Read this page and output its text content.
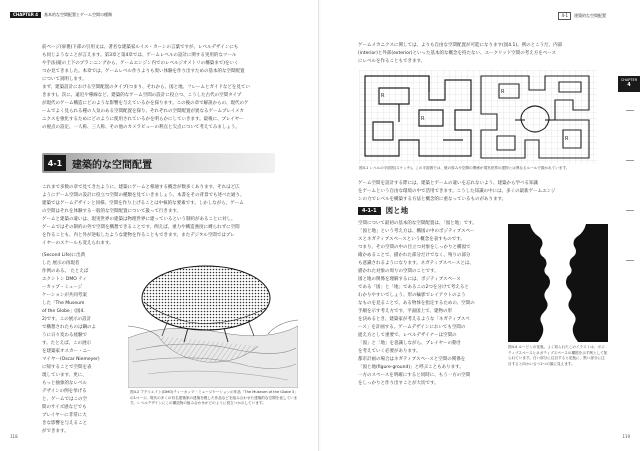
CHAPTER 4	基本的な空間配置とゲーム空間の種類
前ページ(扉裏)下部の引用文は、著名な建築家ルイス・カーンの言葉ですが、レベルデザインにも
も同じようなことが言えます。第3章と第4章では、ゲームレベルの設計に関する実用的なツール
や手法(縦の上下のプランニングから、ゲームエンジン内でのレベルジオメトリの構築まで)をいく
つか見てきました。本章では、ゲームレベル作りよりも奥い体験を作り出すための基本的な空間配置
について説明します。
まず、建築設計における空間配置のタイプ(つまり、それから、図と地、フレームとガイドなどを見てい
きます)。次に、遠近や導線など、建築的なゲーム空間の設計に役立つ、こうした古代の空間タイプ
が現代のゲーム構造にどのような影響を与えているかを探ります。この後の章で解説からの、現代のゲ
ームでよく見られる種の人気のある空間配置を探り、それぞれの空間配置が異なるゲームプレイメカ
ニクスを強化するためにどのように使用されているかを明らかにしていきます。最後に、プレイヤー
の視点の設定、一人称、三人称、その他のカメラビューの利点と欠点について考えてみましょう。
4-1 建築的な空間配置
これまで多数の章で見てきたように、建築にゲームと相通する概念が数多くあります。それほど広
ようにゲーム空間の設計に役立つ空間の種類を見ていきましょう。本書をその背景でも述べた通り、
建築ではゲームデザインと同様、空間を作り上げることは中核的な要素です。しかしながら、ゲーム
の空間はそれを体験する一般的な空間配置について扱って行きます。
ゲームと建築の違いは、現実世界の建築は物理世界に建っているという制約があることに対し、
ゲームではその制約の外で空間を構想できることです。例えば、重力や構造強度に縛られずに空間
を作ることも、内と外が逆転したような建物を作ることもできます。またデジタル空間ではプレ
イヤーのスケールも変えられます。
(Second Life)に出典
した 展示の再現者
作例のある。 たとえば
エクシトン DMO ティ
ーカップ・ミュージ
ケーションが共同考案
した「The Museum
of the Globe」(図4.
2)です。この展示の設計
で構想されたものは鋼のよ
うに日々変わる経験で
す。たとえば、この展示
を建築家オスカー・ニー
マイヤー(Oscar Niemeyer)
に帰することで空間を表
現しています。更に、
もっと抽象的なレベル
デザインの例を挙げる
と、ゲームではこの空
間のサイズ感などでも
プレイヤーに非常に大
きな影響を与えること
ができます。
図4.2 アクリエイト(DMO)ティーカップ・ミュージケーションの作品「The Museum of the Globe 3」の1ページ。現代の多くの有名建築家の建築を模した作品などを組み合わせた建築的な空間を表しています。レベルデザインにこの構造物の組み合わせがどのように役立つか示しています。
118
4-1	建築的な空間配置
CHAPTER
4
ゲームメカニクスに関しては、よりも自由な空間配置が可能になります(図4.1)。例のとこうだ、内部
(interior)と外部(exterior)といった基本的な概念を持たない、ユークリッド空間の考え方をベース
にレベルを作ることもできます。
R
R
R
R
図4.1 レベルの平面図(スケッチ)。この平面図では、壁の厚みや空間の関係が現実世界の建物とは異なるルールで描かれています。
ゲーム空間を設計する際には、建築とゲームの違いを忘れないよう、建築から学べる知識
をゲームという自由な環境の中で活用できます。こうした知識の中には、多くの最新ゲームエンジ
ンの力でレベルを構築する方法と概念的に重なっているものがあります。
4-1-1	図と地
空間について最初の基本的な空間配置は、「図と地」です。
「図と地」という考え方は、構図の中のポジティブスペー
スとネガティブスペースという概念を表すものです。
つまり、その空間の中の目立つ対象をしっかりと構図で
確かめることで、描かれた部分だけでなく、残りの部分
も意識されるようになります。ネガティブスペースとは、
描かれた対象の周りの空間のことです。
図と地の関係を理解するには、ポジティブスペース
である「図」と「地」であるこの2つを分けて考えると
わかりやすいでしょう。形の輪郭でレイアウトのよう
なものを見ることで、ある物体を指定するための、空間の
手順を示す考え方です。平面図上で、建物の形
を決めるとき、建築家が考えるような「ネガティブスペ
ース」を計画する。ゲームデザインにおいても空間の
捉え方として重要で、レベルデザイナーは空間の
「図」と「地」を意識しながら、プレイヤーの動き
を考えていく必要があります。
都市計画の場合はネガティブスペースと空間の関係を
「図と地(figure-ground)」と呼ぶこともあります。
一方のスペースを明確にすると同時に、もう一方の空間
をしっかりと作り出すことが大切です。
図4.4 ルービンの花瓶。よく知られたこのイラストは、ポジティブスペースとネガティブスペースの構図を示す例として知られています。白い部分に注目すると花瓶に、黒い部分に注目すると向かい合う2つの顔に見えます。
119
